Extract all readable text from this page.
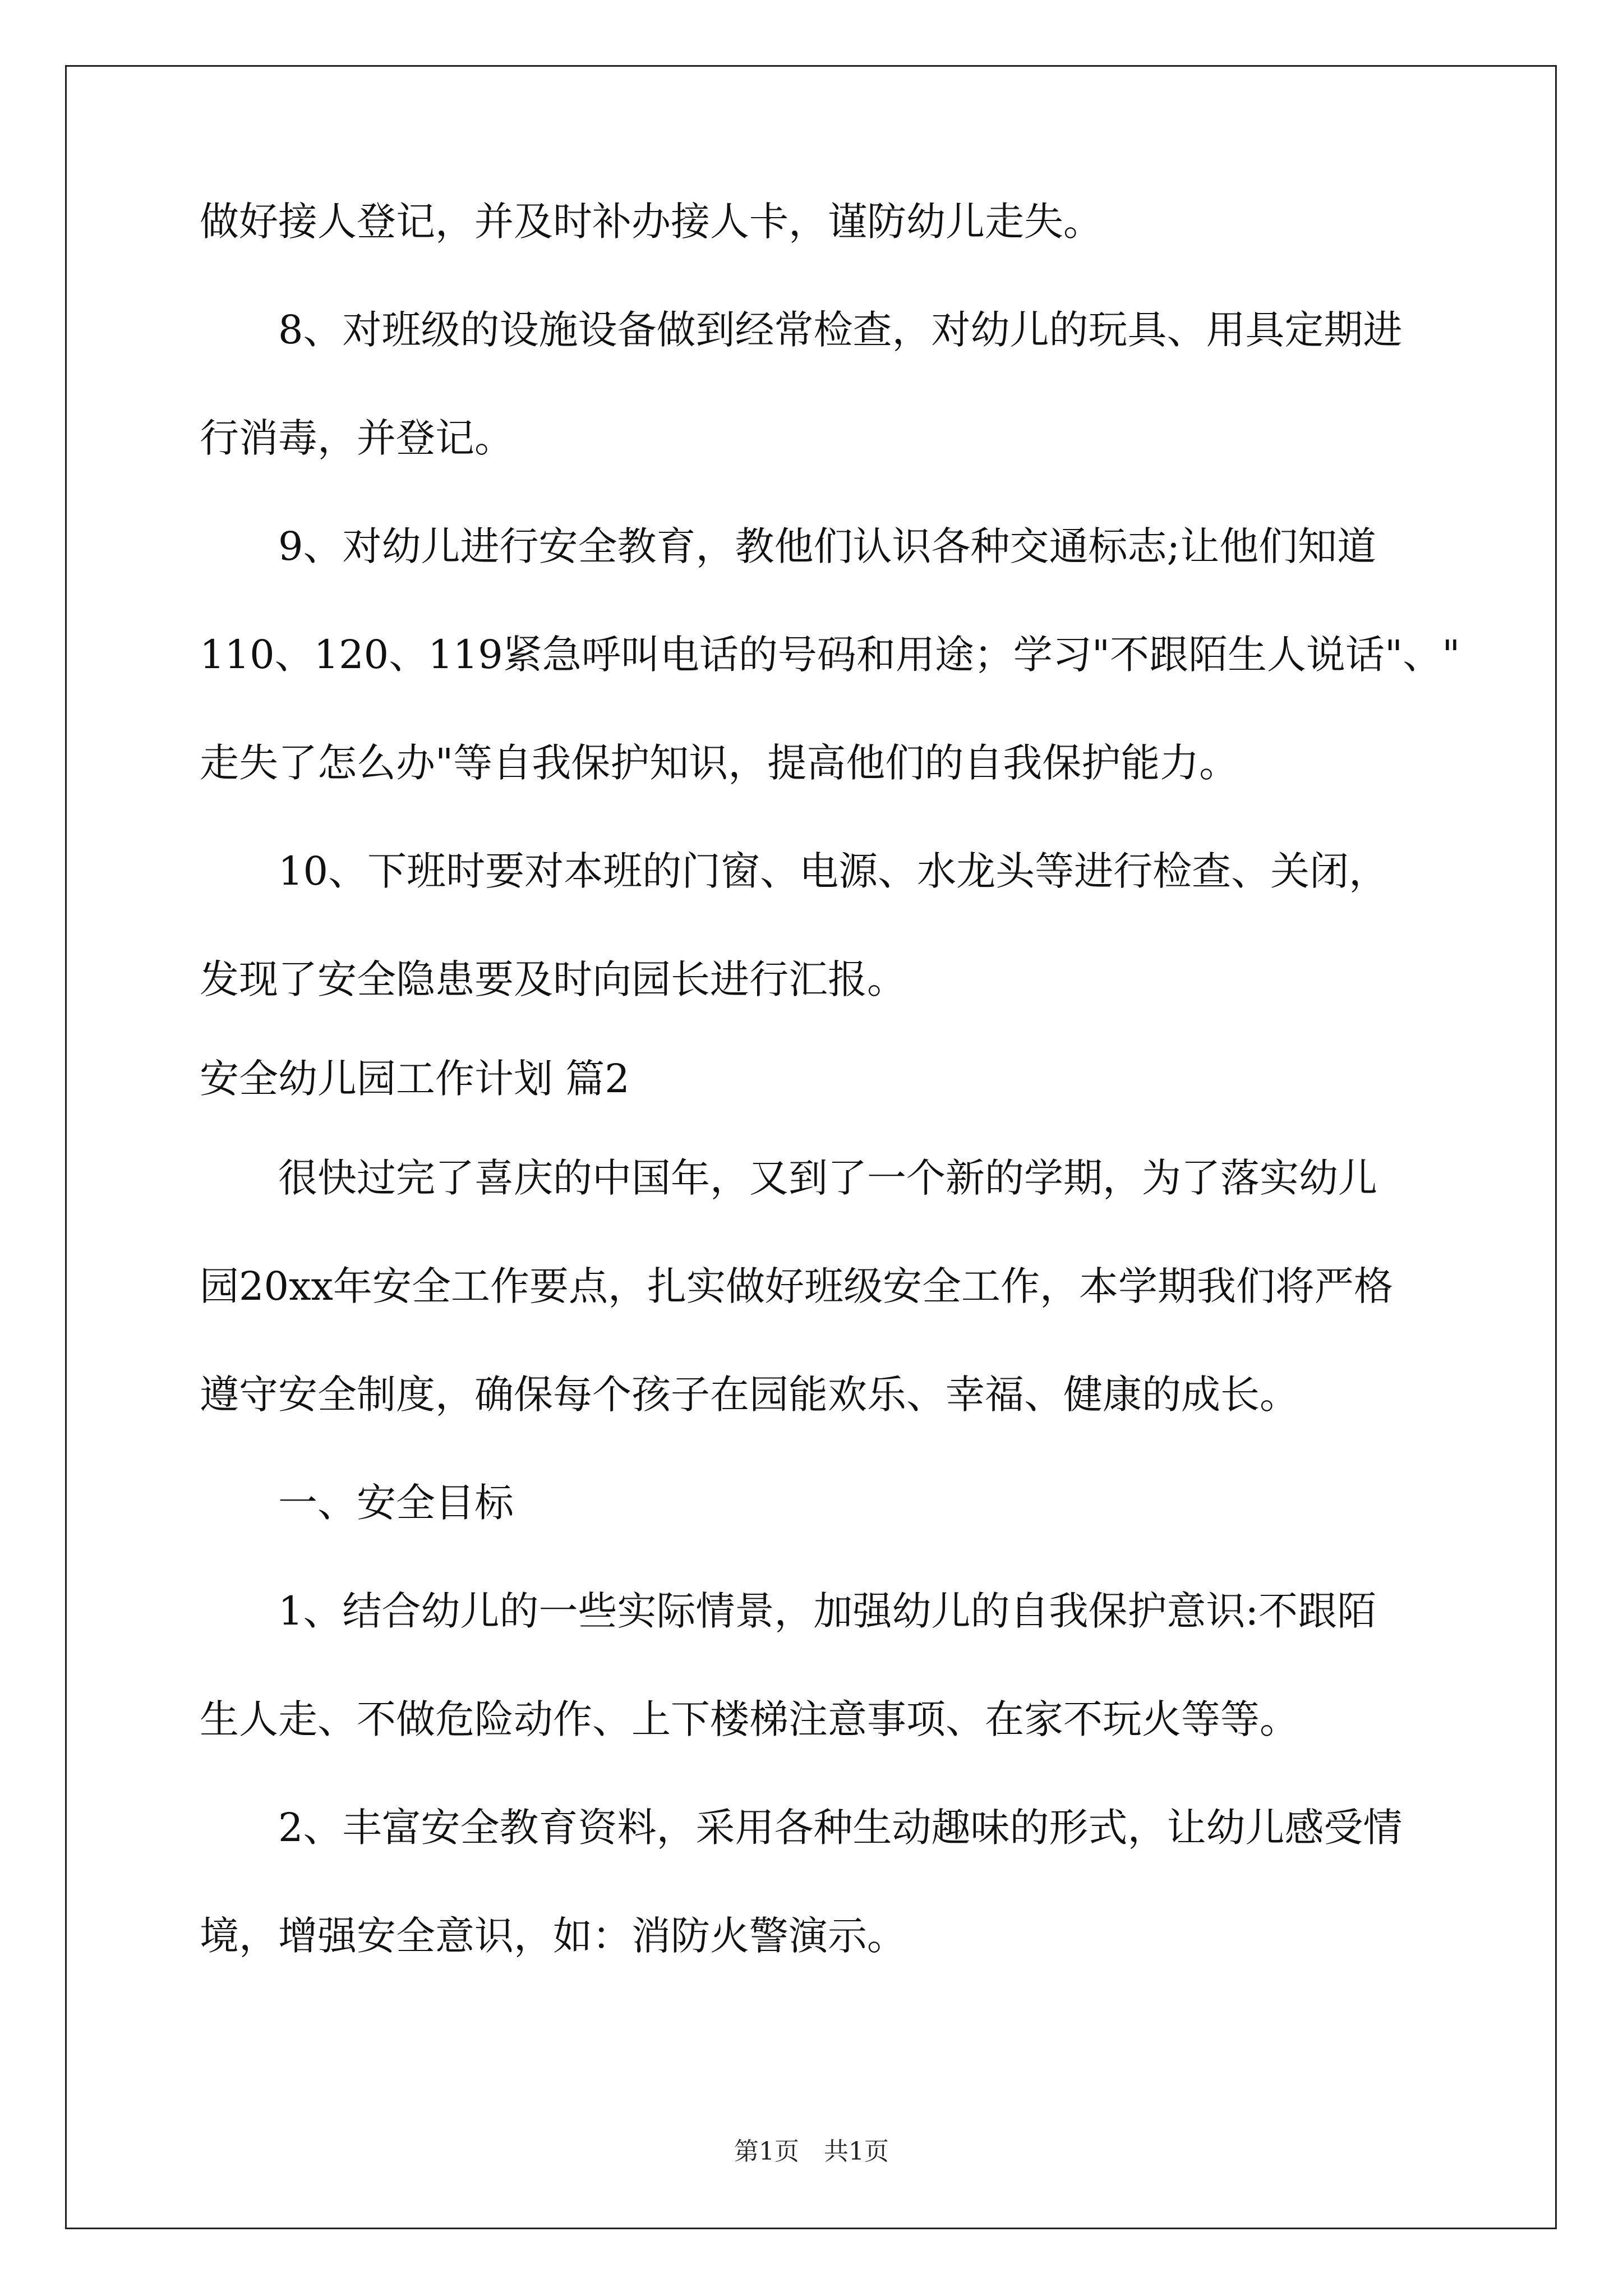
做好接人登记，并及时补办接人卡，谨防幼儿走失。
　　8、对班级的设施设备做到经常检查，对幼儿的玩具、用具定期进
行消毒，并登记。
　　9、对幼儿进行安全教育，教他们认识各种交通标志;让他们知道
110、120、119紧急呼叫电话的号码和用途；学习"不跟陌生人说话"、"
走失了怎么办"等自我保护知识，提高他们的自我保护能力。
　　10、下班时要对本班的门窗、电源、水龙头等进行检查、关闭，
发现了安全隐患要及时向园长进行汇报。
安全幼儿园工作计划 篇2
　　很快过完了喜庆的中国年，又到了一个新的学期，为了落实幼儿
园20xx年安全工作要点，扎实做好班级安全工作，本学期我们将严格
遵守安全制度，确保每个孩子在园能欢乐、幸福、健康的成长。
　　一、安全目标
　　1、结合幼儿的一些实际情景，加强幼儿的自我保护意识:不跟陌
生人走、不做危险动作、上下楼梯注意事项、在家不玩火等等。
　　2、丰富安全教育资料，采用各种生动趣味的形式，让幼儿感受情
境，增强安全意识，如：消防火警演示。
第1页　共1页
